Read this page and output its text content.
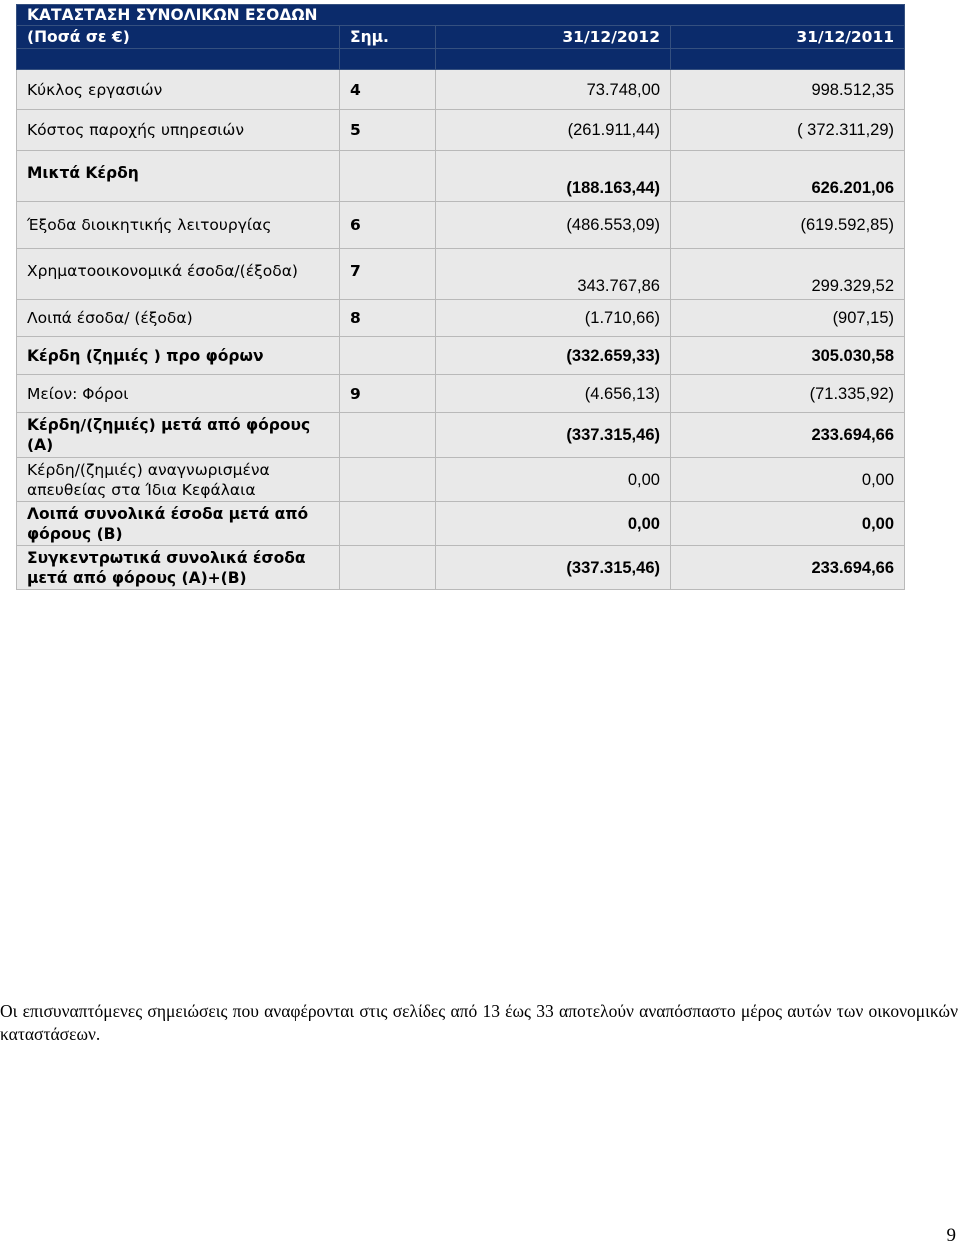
ΚΑΤΑΣΤΑΣΗ ΣΥΝΟΛΙΚΩΝ ΕΣΟΔΩΝ			
(Ποσά σε €)	Σημ.	31/12/2012	31/12/2011

Κύκλος εργασιών	4	73.748,00	998.512,35
Κόστος παροχής υπηρεσιών	5	(261.911,44)	( 372.311,29)
Μικτά Κέρδη		(188.163,44)	626.201,06
Έξοδα διοικητικής λειτουργίας	6	(486.553,09)	(619.592,85)
Χρηματοοικονομικά έσοδα/(έξοδα)	7	343.767,86	299.329,52
Λοιπά έσοδα/ (έξοδα)	8	(1.710,66)	(907,15)
Κέρδη (ζημιές ) προ φόρων		(332.659,33)	305.030,58
Μείον: Φόροι	9	(4.656,13)	(71.335,92)
Κέρδη/(ζημιές) μετά από φόρους (Α)		(337.315,46)	233.694,66
Κέρδη/(ζημιές) αναγνωρισμένα απευθείας στα Ίδια Κεφάλαια		0,00	0,00
Λοιπά συνολικά έσοδα μετά από φόρους (Β)		0,00	0,00
Συγκεντρωτικά συνολικά έσοδα μετά από φόρους (Α)+(Β)		(337.315,46)	233.694,66
Οι επισυναπτόμενες σημειώσεις που αναφέρονται στις σελίδες από 13 έως 33 αποτελούν αναπόσπαστο μέρος αυτών των οικονομικών καταστάσεων.
9
